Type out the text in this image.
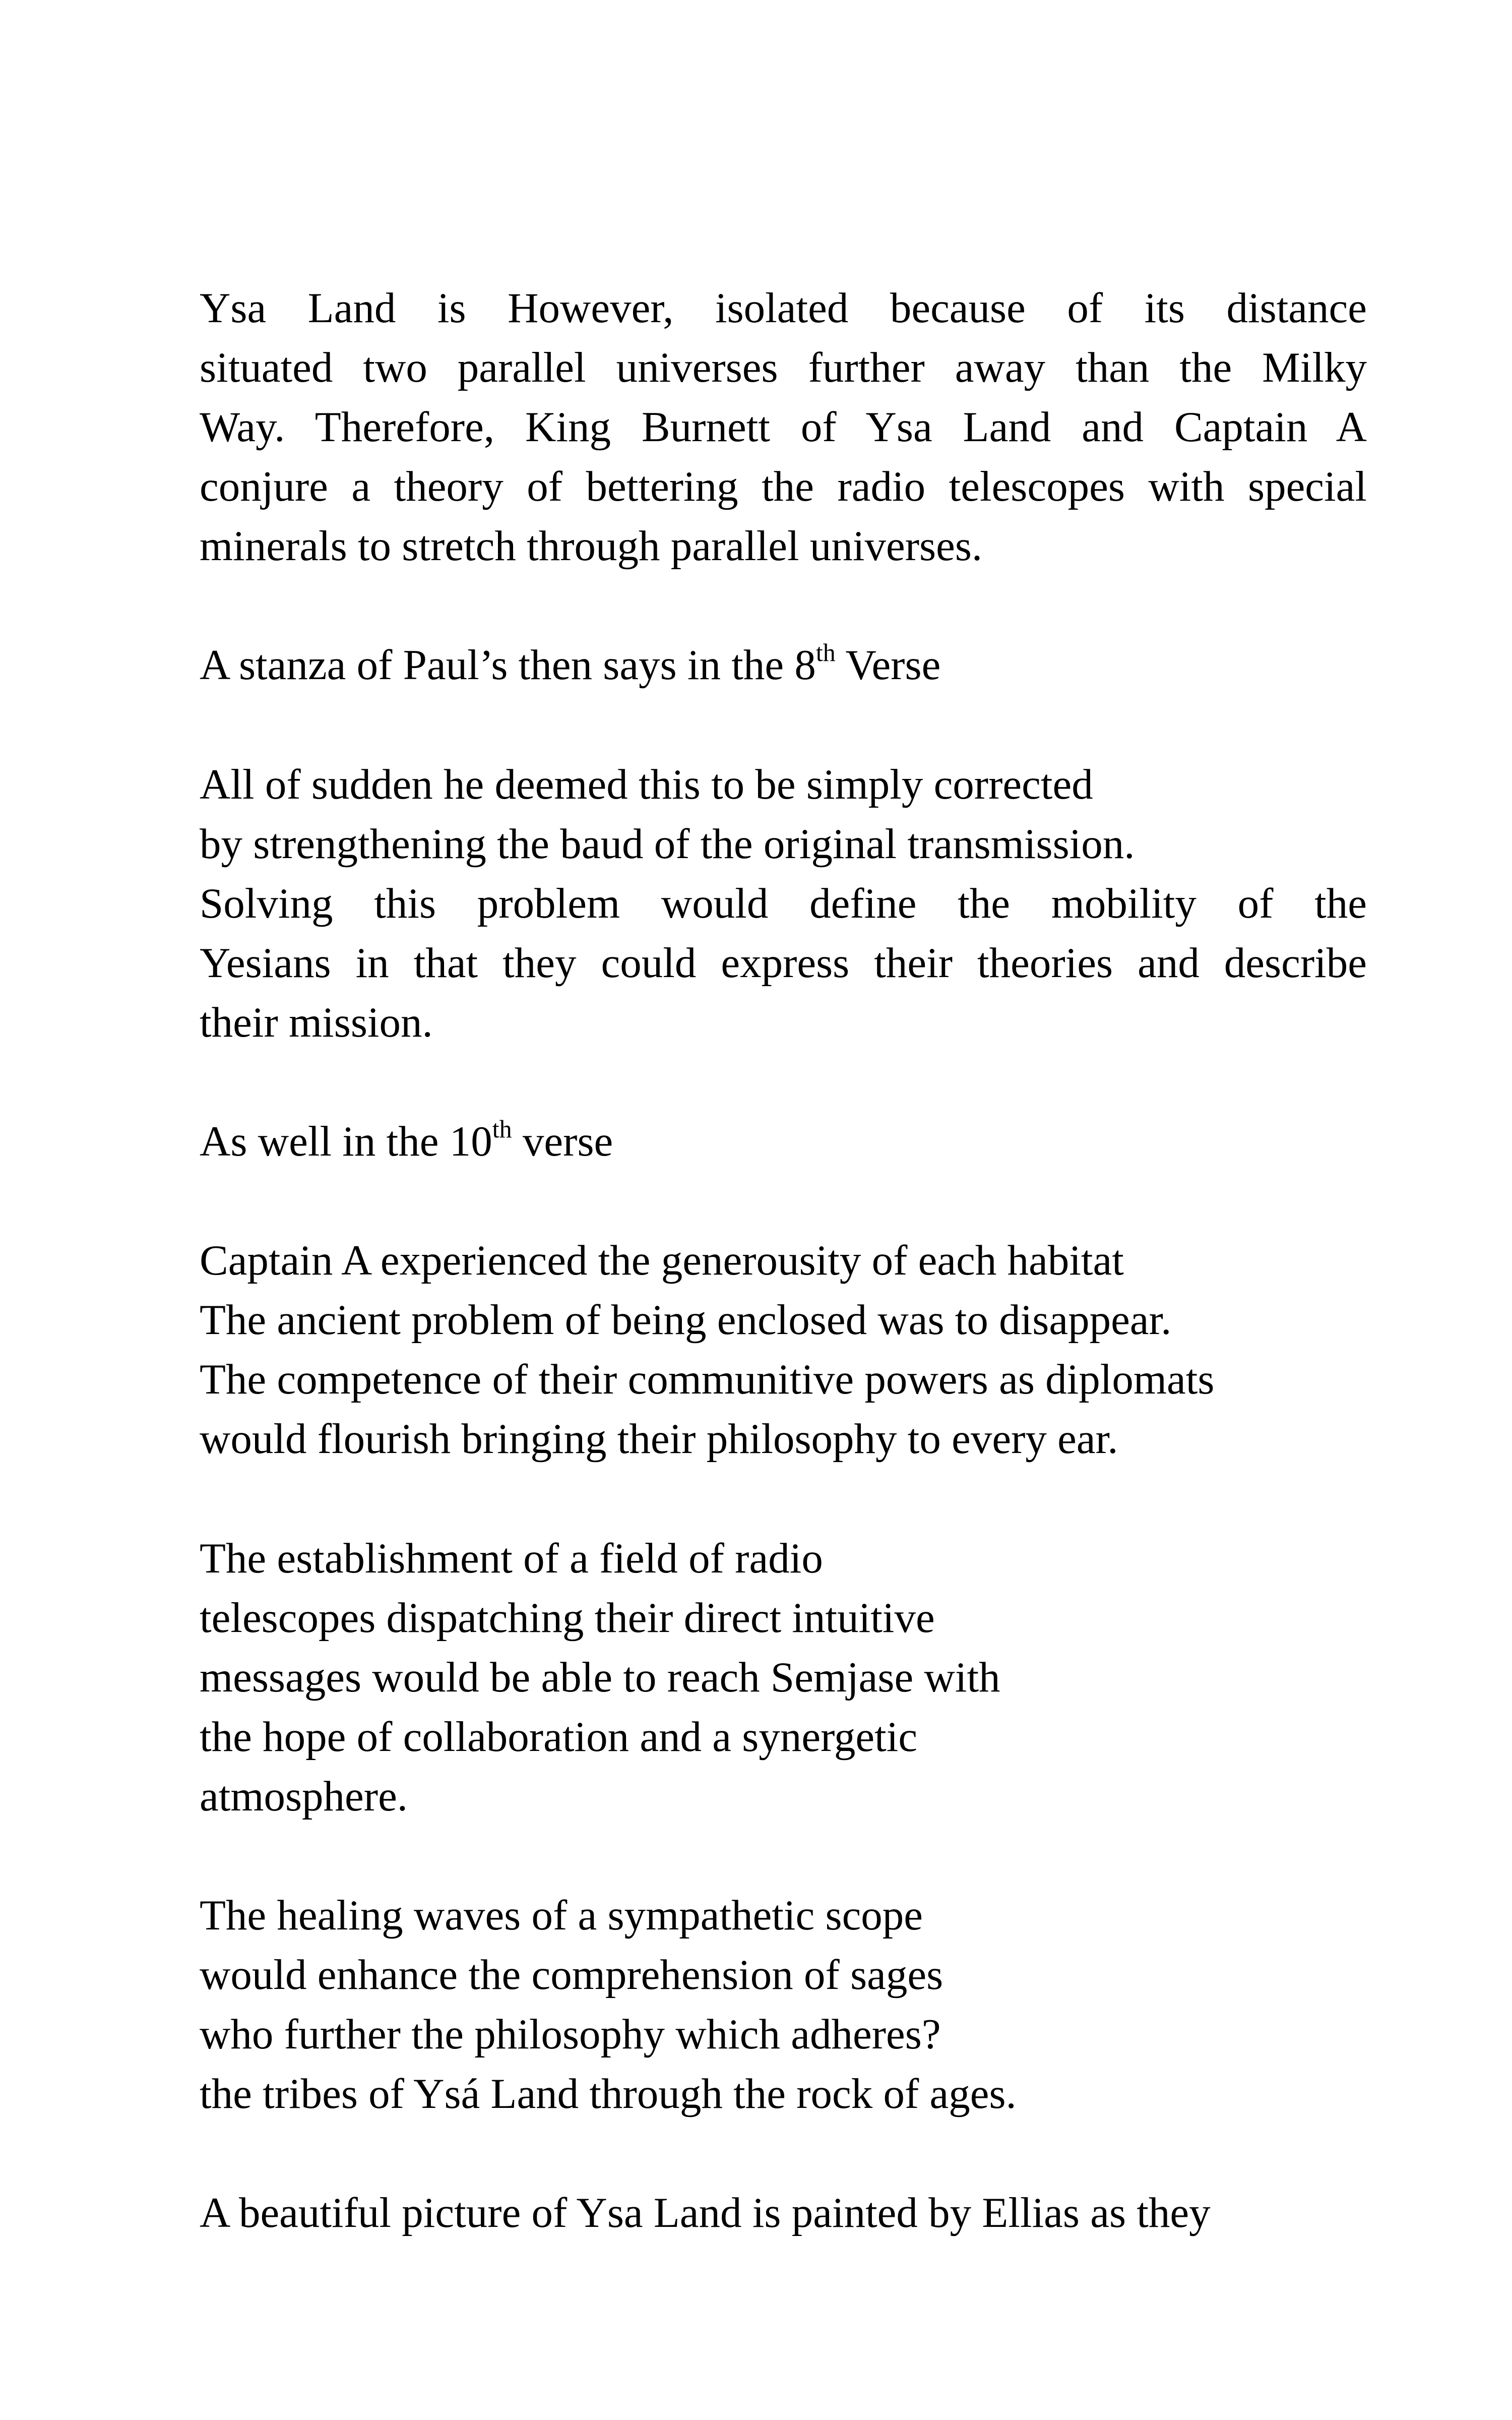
Ysa Land is However, isolated because of its distance

situated two parallel universes further away than the Milky

Way. Therefore, King Burnett of Ysa Land and Captain A

conjure a theory of bettering the radio telescopes with special

minerals to stretch through parallel universes.

A stanza of Paul’s then says in the 8th Verse

All of sudden he deemed this to be simply corrected

by strengthening the baud of the original transmission.

Solving this problem would define the mobility of the

Yesians in that they could express their theories and describe

their mission.

As well in the 10th verse

Captain A experienced the generousity of each habitat

The ancient problem of being enclosed was to disappear.

The competence of their communitive powers as diplomats

would flourish bringing their philosophy to every ear.

The establishment of a field of radio

telescopes dispatching their direct intuitive

messages would be able to reach Semjase with

the hope of collaboration and a synergetic

atmosphere.

The healing waves of a sympathetic scope

would enhance the comprehension of sages

who further the philosophy which adheres?

the tribes of Ysá Land through the rock of ages.

A beautiful picture of Ysa Land is painted by Ellias as they
